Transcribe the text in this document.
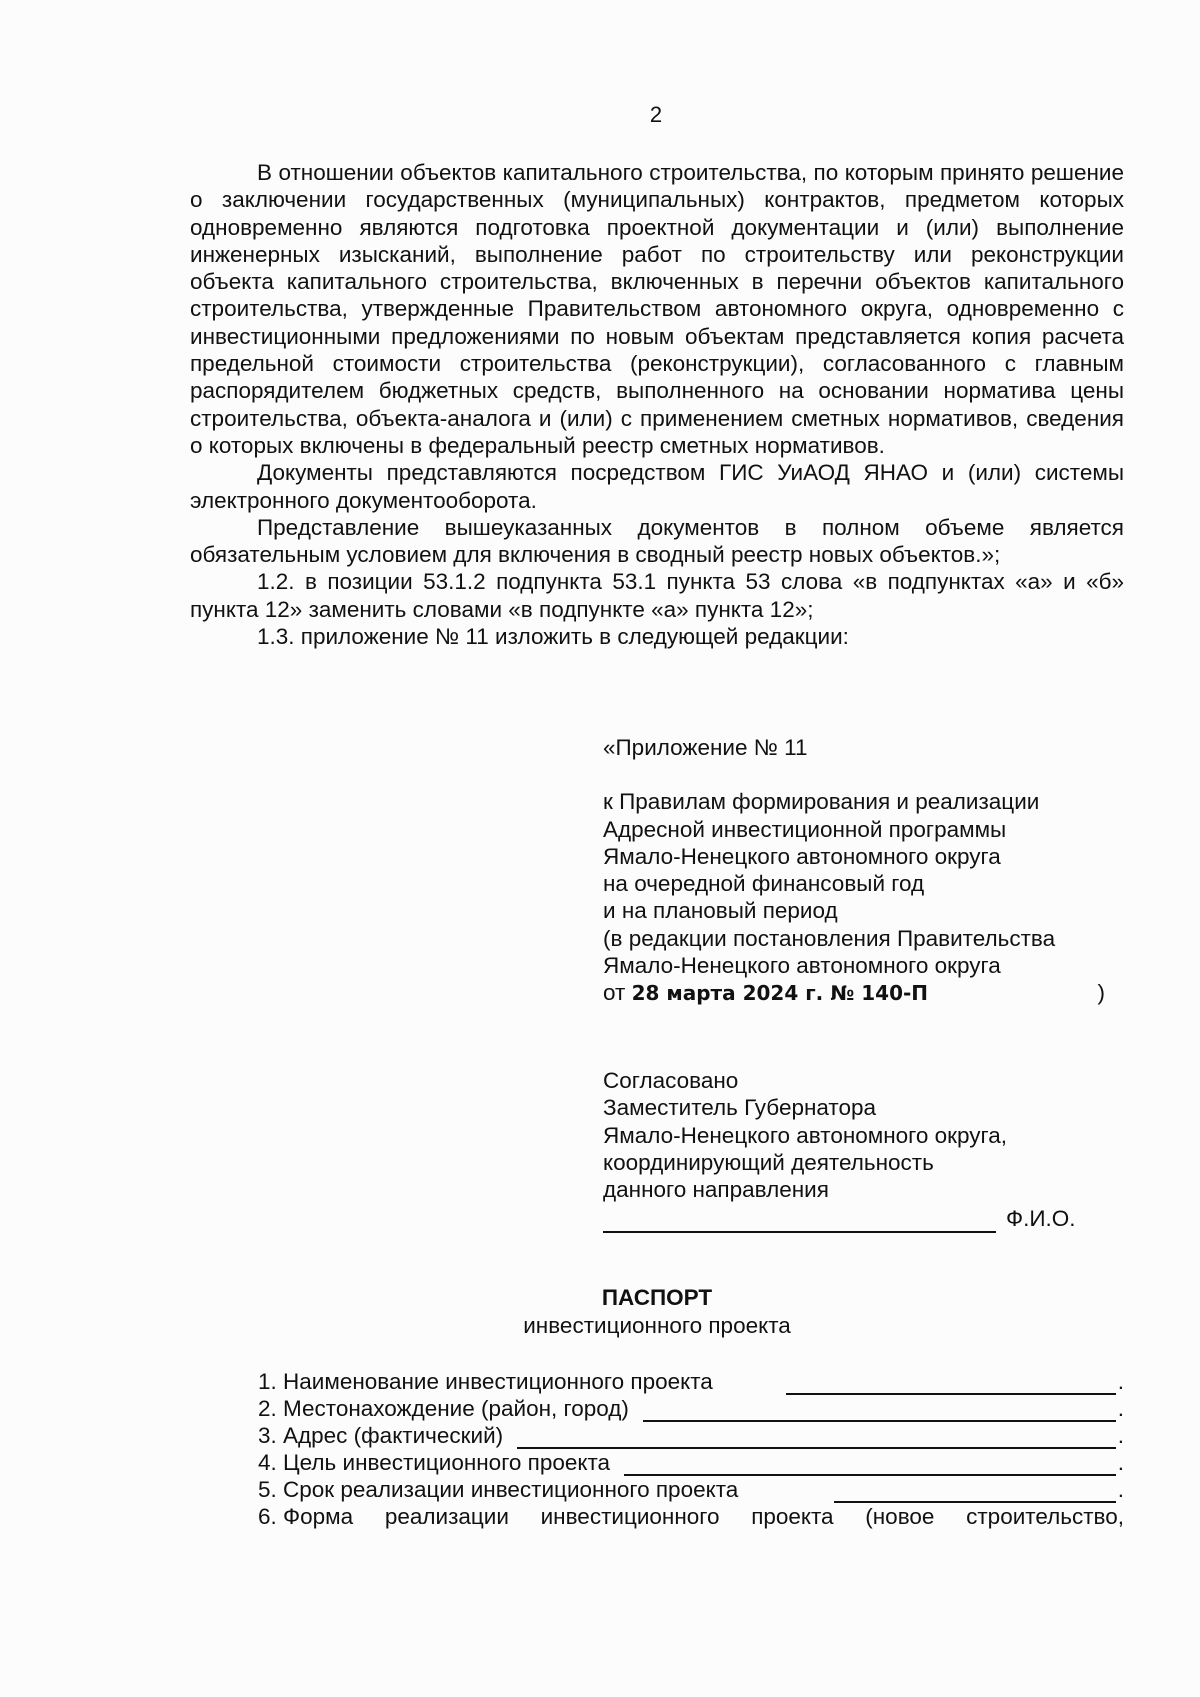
2

В отношении объектов капитального строительства, по которым принято решение о заключении государственных (муниципальных) контрактов, предметом которых одновременно являются подготовка проектной документации и (или) выполнение инженерных изысканий, выполнение работ по строительству или реконструкции объекта капитального строительства, включенных в перечни объектов капитального строительства, утвержденные Правительством автономного округа, одновременно с инвестиционными предложениями по новым объектам представляется копия расчета предельной стоимости строительства (реконструкции), согласованного с главным распорядителем бюджетных средств, выполненного на основании норматива цены строительства, объекта-аналога и (или) с применением сметных нормативов, сведения о которых включены в федеральный реестр сметных нормативов.

Документы представляются посредством ГИС УиАОД ЯНАО и (или) системы электронного документооборота.

Представление вышеуказанных документов в полном объеме является обязательным условием для включения в сводный реестр новых объектов.»;

1.2. в позиции 53.1.2 подпункта 53.1 пункта 53 слова «в подпунктах «а» и «б» пункта 12» заменить словами «в подпункте «а» пункта 12»;

1.3. приложение № 11 изложить в следующей редакции:

«Приложение № 11
к Правилам формирования и реализации
Адресной инвестиционной программы
Ямало-Ненецкого автономного округа
на очередной финансовый год
и на плановый период
(в редакции постановления Правительства
Ямало-Ненецкого автономного округа
от 28 марта 2024 г. № 140-П	)
Согласовано
Заместитель Губернатора
Ямало-Ненецкого автономного округа,
координирующий деятельность
данного направления
Ф.И.О.
ПАСПОРТ
инвестиционного проекта
1. Наименование инвестиционного проекта	.
2. Местонахождение (район, город)	.
3. Адрес (фактический)	.
4. Цель инвестиционного проекта	.
5. Срок реализации инвестиционного проекта	.
6. Форма реализации инвестиционного проекта (новое строительство,
